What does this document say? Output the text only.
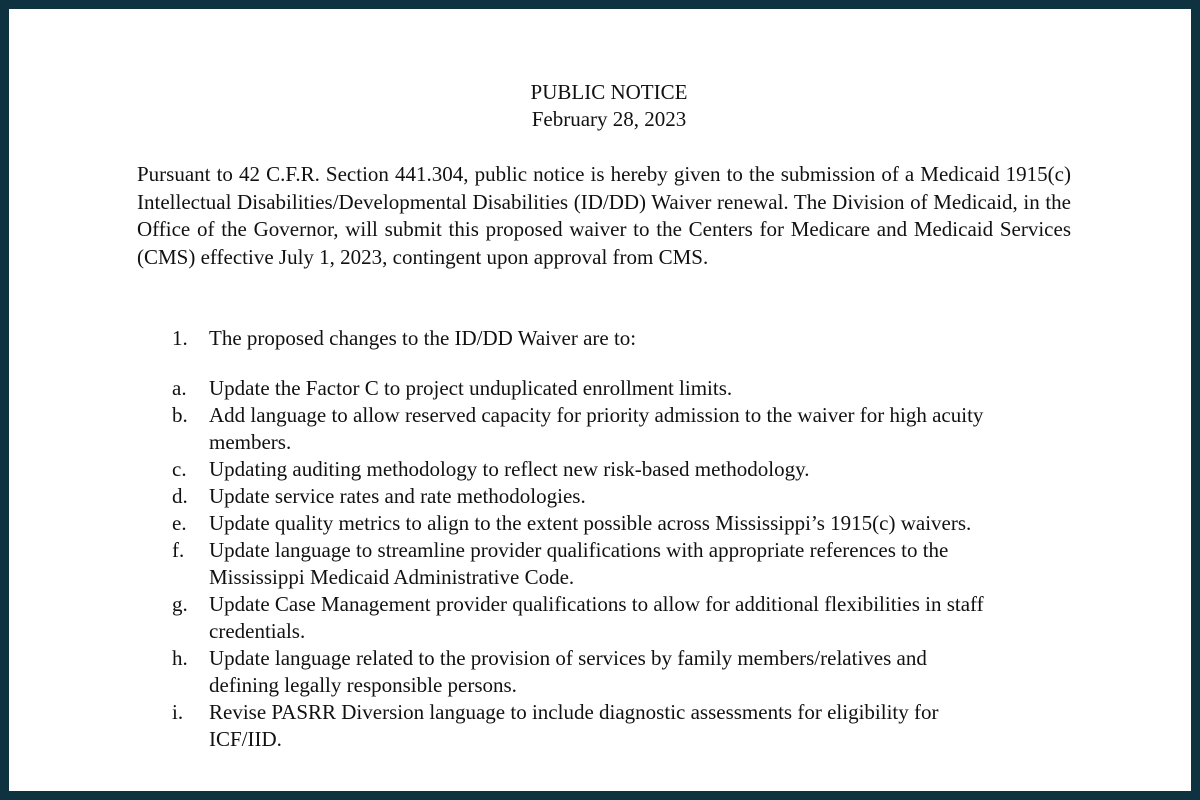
PUBLIC NOTICE
February 28, 2023

Pursuant to 42 C.F.R. Section 441.304, public notice is hereby given to the submission of a Medicaid 1915(c) Intellectual Disabilities/Developmental Disabilities (ID/DD) Waiver renewal. The Division of Medicaid, in the Office of the Governor, will submit this proposed waiver to the Centers for Medicare and Medicaid Services (CMS) effective July 1, 2023, contingent upon approval from CMS.

1. The proposed changes to the ID/DD Waiver are to:
a. Update the Factor C to project unduplicated enrollment limits.
b. Add language to allow reserved capacity for priority admission to the waiver for high acuity members.
c. Updating auditing methodology to reflect new risk-based methodology.
d. Update service rates and rate methodologies.
e. Update quality metrics to align to the extent possible across Mississippi’s 1915(c) waivers.
f. Update language to streamline provider qualifications with appropriate references to the Mississippi Medicaid Administrative Code.
g. Update Case Management provider qualifications to allow for additional flexibilities in staff credentials.
h. Update language related to the provision of services by family members/relatives and defining legally responsible persons.
i. Revise PASRR Diversion language to include diagnostic assessments for eligibility for ICF/IID.
